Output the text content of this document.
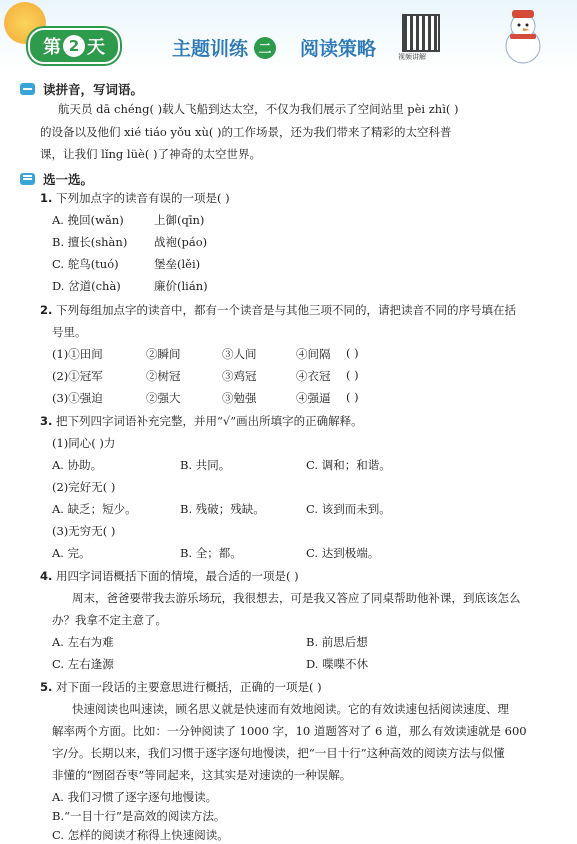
第 2 天	主题训练 二 阅读策略	视频讲解
读拼音，写词语。
航天员 dā chéng( )载人飞船到达太空，不仅为我们展示了空间站里 pèi zhì( )
的设备以及他们 xié tiáo yǒu xù( )的工作场景，还为我们带来了精彩的太空科普
课，让我们 lǐng lüè( )了神奇的太空世界。
选一选。
1. 下列加点字的读音有误的一项是( )
A. 挽回(wǎn)	上御(qīn)
B. 擅长(shàn) 战袍(páo)
C. 鸵鸟(tuó)	堡垒(lěi)
D. 岔道(chà)	廉价(lián)
2. 下列每组加点字的读音中，都有一个读音是与其他三项不同的，请把读音不同的序号填在括
号里。
(1)①田间	②瞬间	③人间	④间隔 ( )
(2)①冠军	②树冠	③鸡冠	④衣冠 ( )
(3)①强迫	②强大	③勉强	④强逼 ( )
3. 把下列四字词语补充完整，并用“√”画出所填字的正确解释。
(1)同心( )力
A. 协助。	B. 共同。	C. 调和；和谐。
(2)完好无( )
A. 缺乏；短少。	B. 残破；残缺。	C. 该到而未到。
(3)无穷无( )
A. 完。	B. 全；都。	C. 达到极端。
4. 用四字词语概括下面的情境，最合适的一项是( )
周末，爸爸要带我去游乐场玩，我很想去，可是我又答应了同桌帮助他补课，到底该怎么
办？我拿不定主意了。
A. 左右为难	B. 前思后想
C. 左右逢源	D. 喋喋不休
5. 对下面一段话的主要意思进行概括，正确的一项是( )
快速阅读也叫速读，顾名思义就是快速而有效地阅读。它的有效读速包括阅读速度、理
解率两个方面。比如：一分钟阅读了 1000 字，10 道题答对了 6 道，那么有效读速就是 600
字/分。长期以来，我们习惯于逐字逐句地慢读，把“一目十行”这种高效的阅读方法与似懂
非懂的“囫囵吞枣”等同起来，这其实是对速读的一种误解。
A. 我们习惯了逐字逐句地慢读。
B.“一目十行”是高效的阅读方法。
C. 怎样的阅读才称得上快速阅读。
